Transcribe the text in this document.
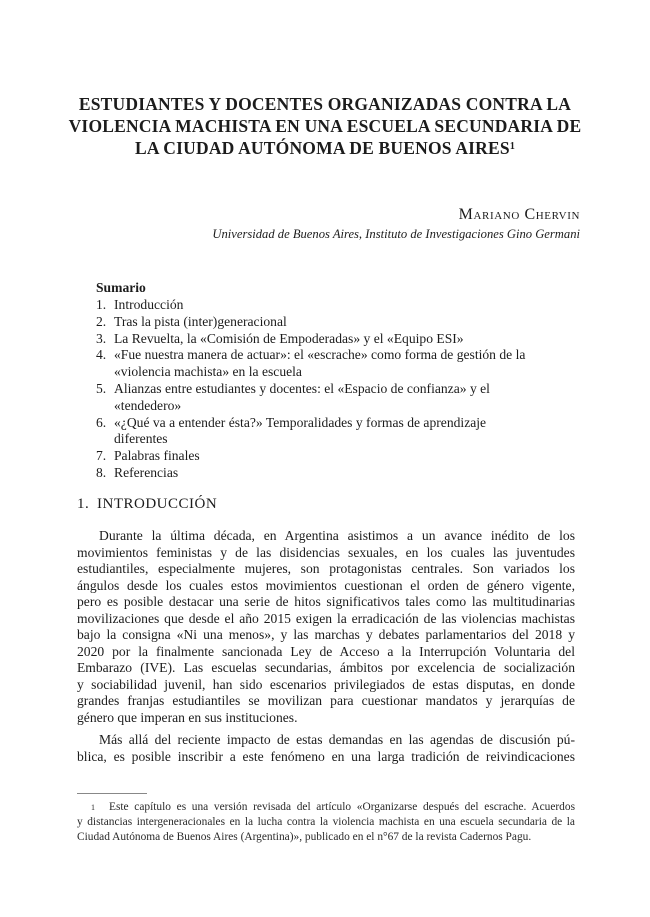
ESTUDIANTES Y DOCENTES ORGANIZADAS CONTRA LA
VIOLENCIA MACHISTA EN UNA ESCUELA SECUNDARIA DE
LA CIUDAD AUTÓNOMA DE BUENOS AIRES$^1$
Mariano Chervin
Universidad de Buenos Aires, Instituto de Investigaciones Gino Germani
Sumario
1. Introducción
2. Tras la pista (inter)generacional
3. La Revuelta, la «Comisión de Empoderadas» y el «Equipo ESI»
4. «Fue nuestra manera de actuar»: el «escrache» como forma de gestión de la
«violencia machista» en la escuela
5. Alianzas entre estudiantes y docentes: el «Espacio de confianza» y el
«tendedero»
6. «¿Qué va a entender ésta?» Temporalidades y formas de aprendizaje
diferentes
7. Palabras finales
8. Referencias
1. INTRODUCCIÓN

Durante la última década, en Argentina asistimos a un avance inédito de los
movimientos feministas y de las disidencias sexuales, en los cuales las juventudes
estudiantiles, especialmente mujeres, son protagonistas centrales. Son variados los
ángulos desde los cuales estos movimientos cuestionan el orden de género vigente,
pero es posible destacar una serie de hitos significativos tales como las multitudinarias
movilizaciones que desde el año 2015 exigen la erradicación de las violencias machistas
bajo la consigna «Ni una menos», y las marchas y debates parlamentarios del 2018 y
2020 por la finalmente sancionada Ley de Acceso a la Interrupción Voluntaria del
Embarazo (IVE). Las escuelas secundarias, ámbitos por excelencia de socialización
y sociabilidad juvenil, han sido escenarios privilegiados de estas disputas, en donde
grandes franjas estudiantiles se movilizan para cuestionar mandatos y jerarquías de
género que imperan en sus instituciones.

Más allá del reciente impacto de estas demandas en las agendas de discusión pú-
blica, es posible inscribir a este fenómeno en una larga tradición de reivindicaciones

$^1$ Este capítulo es una versión revisada del artículo «Organizarse después del escrache. Acuerdos
y distancias intergeneracionales en la lucha contra la violencia machista en una escuela secundaria de la
Ciudad Autónoma de Buenos Aires (Argentina)», publicado en el n°67 de la revista Cadernos Pagu.
